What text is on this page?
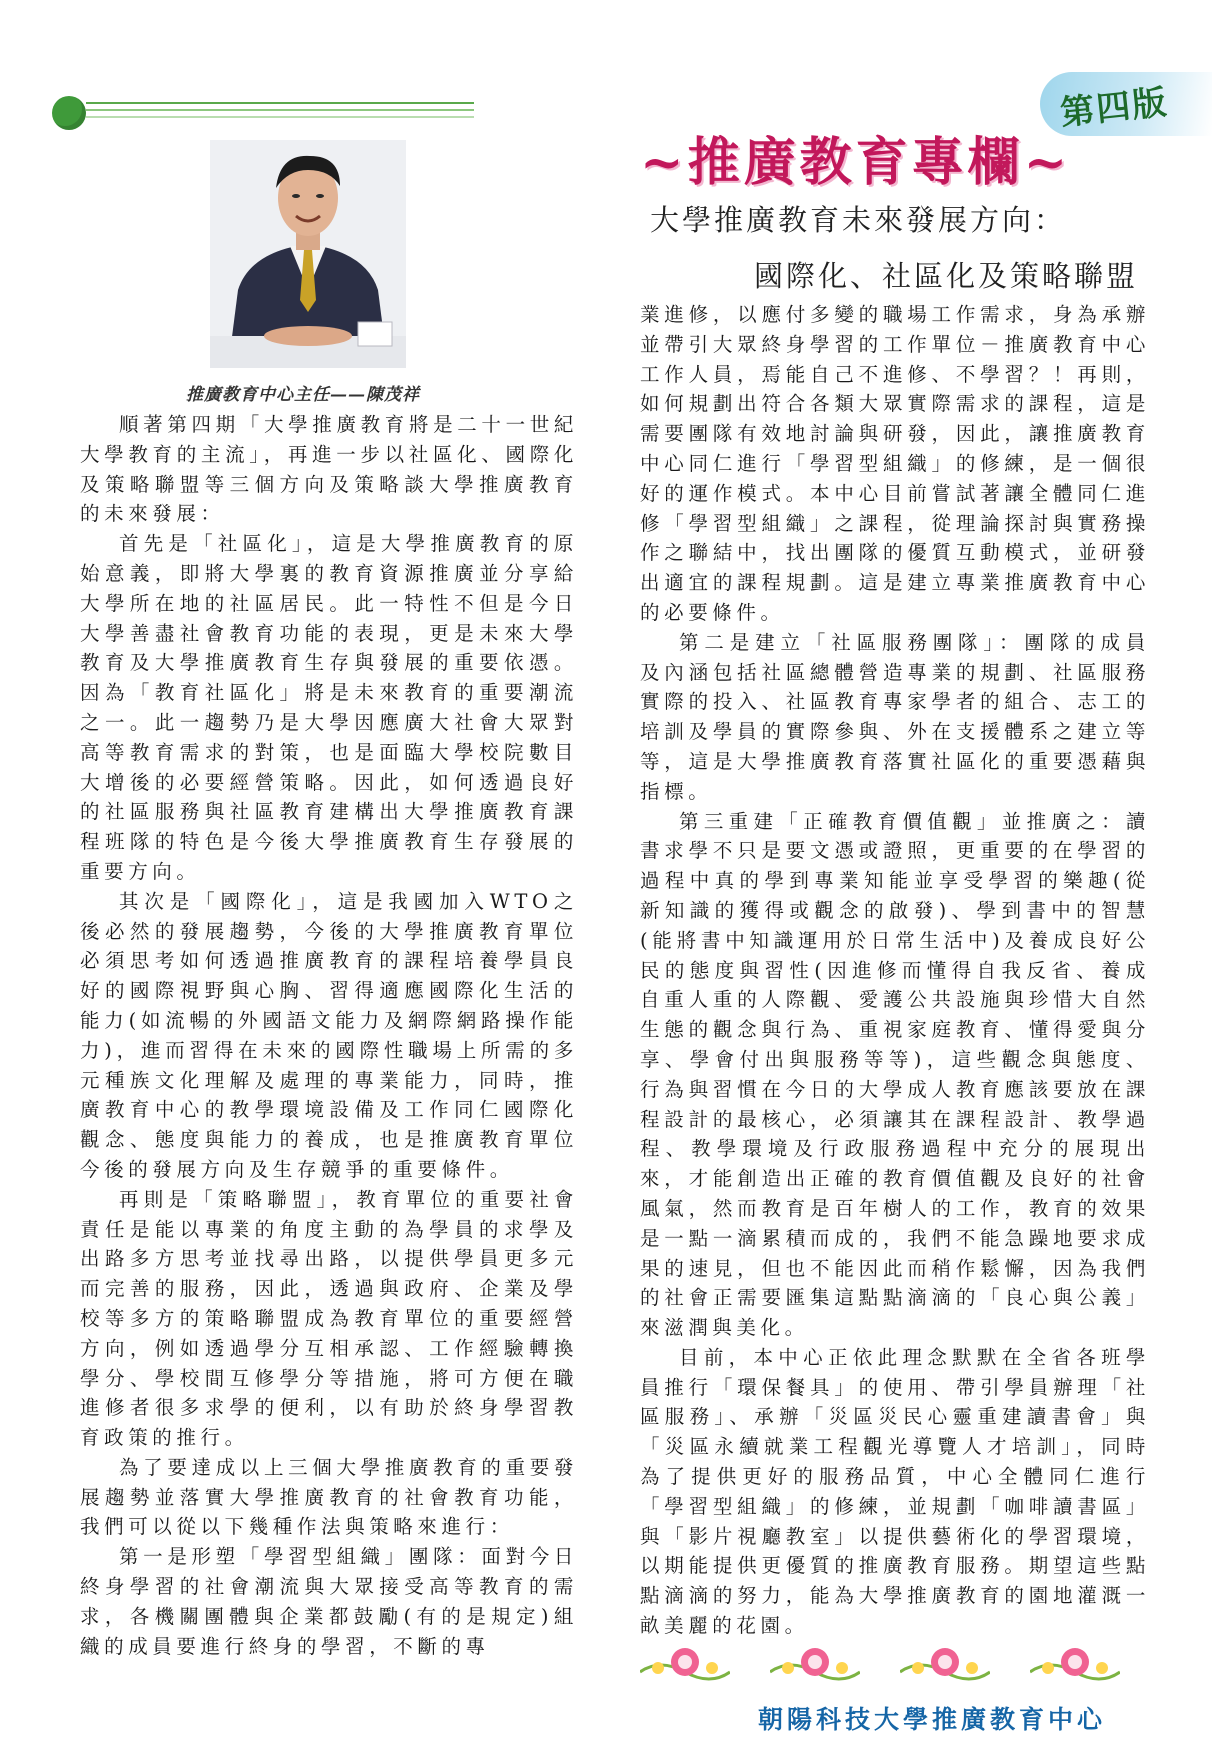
第四版
~推廣教育專欄~
大學推廣教育未來發展方向：
國際化、社區化及策略聯盟
推廣教育中心主任——陳茂祥

順著第四期「大學推廣教育將是二十一世紀大學教育的主流」，再進一步以社區化、國際化及策略聯盟等三個方向及策略談大學推廣教育的未來發展：

首先是「社區化」，這是大學推廣教育的原始意義，即將大學裏的教育資源推廣並分享給大學所在地的社區居民。此一特性不但是今日大學善盡社會教育功能的表現，更是未來大學教育及大學推廣教育生存與發展的重要依憑。因為「教育社區化」將是未來教育的重要潮流之一。此一趨勢乃是大學因應廣大社會大眾對高等教育需求的對策，也是面臨大學校院數目大增後的必要經營策略。因此，如何透過良好的社區服務與社區教育建構出大學推廣教育課程班隊的特色是今後大學推廣教育生存發展的重要方向。

其次是「國際化」，這是我國加入WTO之後必然的發展趨勢，今後的大學推廣教育單位必須思考如何透過推廣教育的課程培養學員良好的國際視野與心胸、習得適應國際化生活的能力(如流暢的外國語文能力及網際網路操作能力)，進而習得在未來的國際性職場上所需的多元種族文化理解及處理的專業能力，同時，推廣教育中心的教學環境設備及工作同仁國際化觀念、態度與能力的養成，也是推廣教育單位今後的發展方向及生存競爭的重要條件。

再則是「策略聯盟」，教育單位的重要社會責任是能以專業的角度主動的為學員的求學及出路多方思考並找尋出路，以提供學員更多元而完善的服務，因此，透過與政府、企業及學校等多方的策略聯盟成為教育單位的重要經營方向，例如透過學分互相承認、工作經驗轉換學分、學校間互修學分等措施，將可方便在職進修者很多求學的便利，以有助於終身學習教育政策的推行。

為了要達成以上三個大學推廣教育的重要發展趨勢並落實大學推廣教育的社會教育功能，我們可以從以下幾種作法與策略來進行：

第一是形塑「學習型組織」團隊：面對今日終身學習的社會潮流與大眾接受高等教育的需求，各機關團體與企業都鼓勵(有的是規定)組織的成員要進行終身的學習，不斷的專

業進修，以應付多變的職場工作需求，身為承辦並帶引大眾終身學習的工作單位－推廣教育中心工作人員，焉能自己不進修、不學習？！再則，如何規劃出符合各類大眾實際需求的課程，這是需要團隊有效地討論與研發，因此，讓推廣教育中心同仁進行「學習型組織」的修練，是一個很好的運作模式。本中心目前嘗試著讓全體同仁進修「學習型組織」之課程，從理論探討與實務操作之聯結中，找出團隊的優質互動模式，並研發出適宜的課程規劃。這是建立專業推廣教育中心的必要條件。

第二是建立「社區服務團隊」：團隊的成員及內涵包括社區總體營造專業的規劃、社區服務實際的投入、社區教育專家學者的組合、志工的培訓及學員的實際參與、外在支援體系之建立等等，這是大學推廣教育落實社區化的重要憑藉與指標。

第三重建「正確教育價值觀」並推廣之：讀書求學不只是要文憑或證照，更重要的在學習的過程中真的學到專業知能並享受學習的樂趣(從新知識的獲得或觀念的啟發)、學到書中的智慧(能將書中知識運用於日常生活中)及養成良好公民的態度與習性(因進修而懂得自我反省、養成自重人重的人際觀、愛護公共設施與珍惜大自然生態的觀念與行為、重視家庭教育、懂得愛與分享、學會付出與服務等等)，這些觀念與態度、行為與習慣在今日的大學成人教育應該要放在課程設計的最核心，必須讓其在課程設計、教學過程、教學環境及行政服務過程中充分的展現出來，才能創造出正確的教育價值觀及良好的社會風氣，然而教育是百年樹人的工作，教育的效果是一點一滴累積而成的，我們不能急躁地要求成果的速見，但也不能因此而稍作鬆懈，因為我們的社會正需要匯集這點點滴滴的「良心與公義」來滋潤與美化。

目前，本中心正依此理念默默在全省各班學員推行「環保餐具」的使用、帶引學員辦理「社區服務」、承辦「災區災民心靈重建讀書會」與「災區永續就業工程觀光導覽人才培訓」，同時為了提供更好的服務品質，中心全體同仁進行「學習型組織」的修練，並規劃「咖啡讀書區」與「影片視廳教室」以提供藝術化的學習環境，以期能提供更優質的推廣教育服務。期望這些點點滴滴的努力，能為大學推廣教育的園地灌溉一畝美麗的花園。

朝陽科技大學推廣教育中心
